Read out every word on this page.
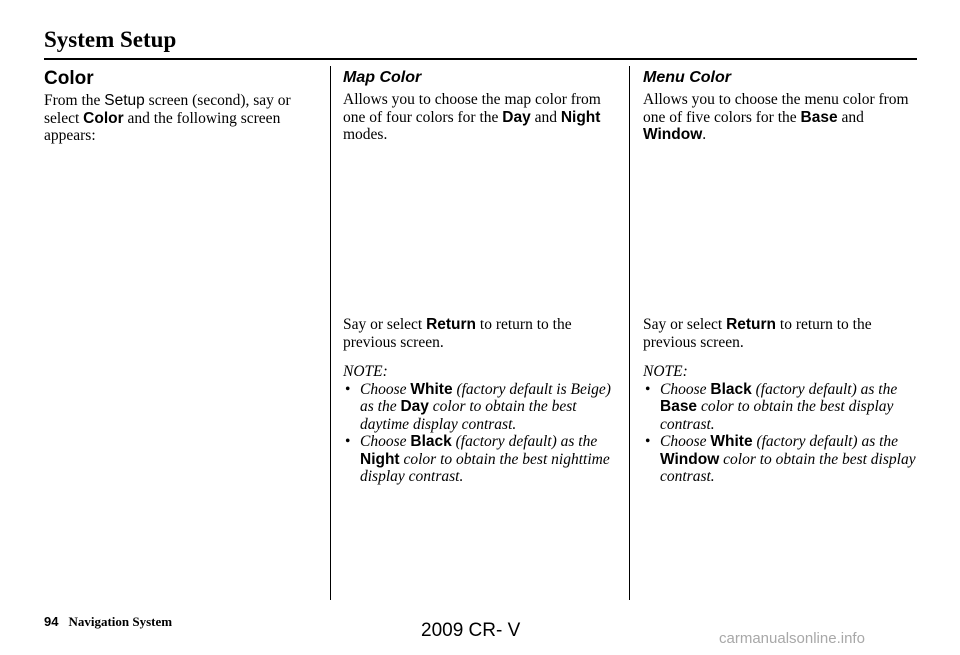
System Setup
Color

From the Setup screen (second), say or select Color and the following screen appears:

Map Color

Allows you to choose the map color from one of four colors for the Day and Night modes.

Say or select Return to return to the previous screen.

NOTE:
• Choose White (factory default is Beige) as the Day color to obtain the best daytime display contrast.
• Choose Black (factory default) as the Night color to obtain the best nighttime display contrast.
Menu Color

Allows you to choose the menu color from one of five colors for the Base and Window.

Say or select Return to return to the previous screen.

NOTE:
• Choose Black (factory default) as the Base color to obtain the best display contrast.
• Choose White (factory default) as the Window color to obtain the best display contrast.
94 Navigation System	2009 CR- V	carmanualsonline.info
